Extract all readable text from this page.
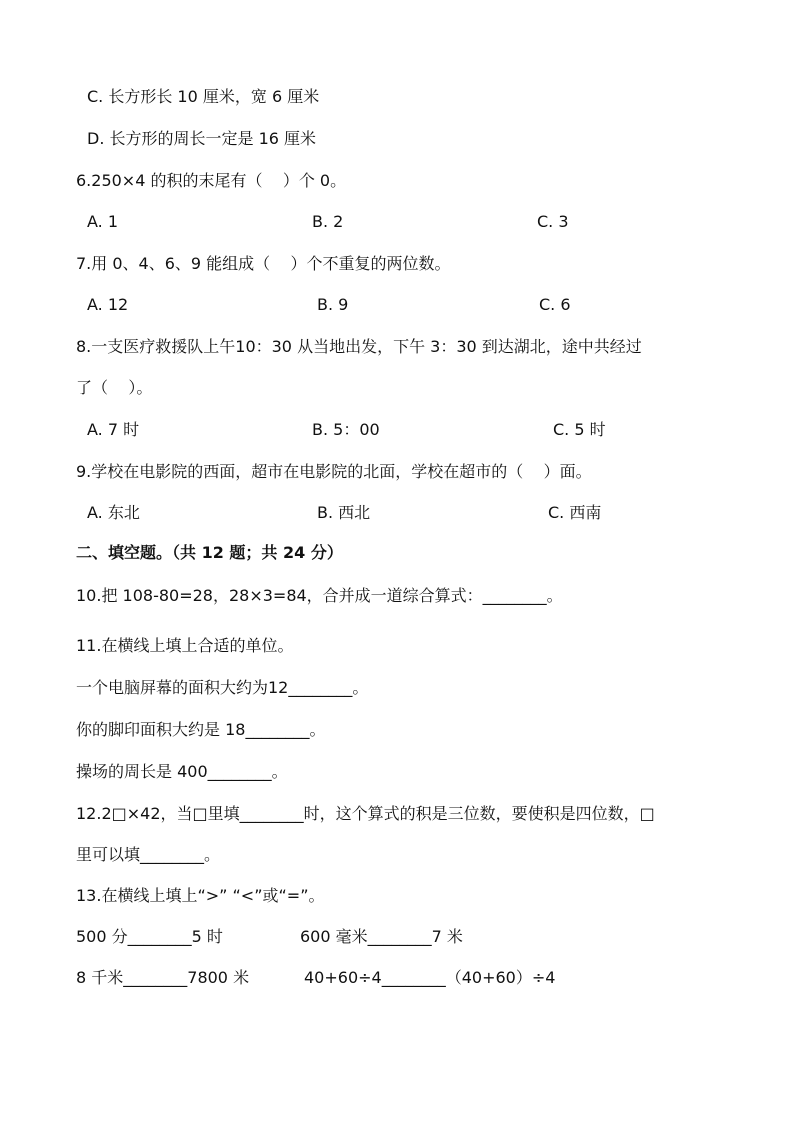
C. 长方形长 10 厘米，宽 6 厘米
D. 长方形的周长一定是 16 厘米
6.250×4 的积的末尾有（    ）个 0。
A. 1	B. 2	C. 3
7.用 0、4、6、9 能组成（    ）个不重复的两位数。
A. 12	B. 9	C. 6
8.一支医疗救援队上午10：30 从当地出发，下午 3：30 到达湖北，途中共经过
了（    ）。
A. 7 时	B. 5：00	C. 5 时
9.学校在电影院的西面，超市在电影院的北面，学校在超市的（    ）面。
A. 东北	B. 西北	C. 西南
二、填空题。（共 12 题；共 24 分）
10.把 108-80=28，28×3=84，合并成一道综合算式：________。
11.在横线上填上合适的单位。
一个电脑屏幕的面积大约为12________。
你的脚印面积大约是 18________。
操场的周长是 400________。
12.2□×42，当□里填________时，这个算式的积是三位数，要使积是四位数，□
里可以填________。
13.在横线上填上“>” “<”或“=”。
500 分________5 时	600 毫米________7 米
8 千米________7800 米	40+60÷4________（40+60）÷4
